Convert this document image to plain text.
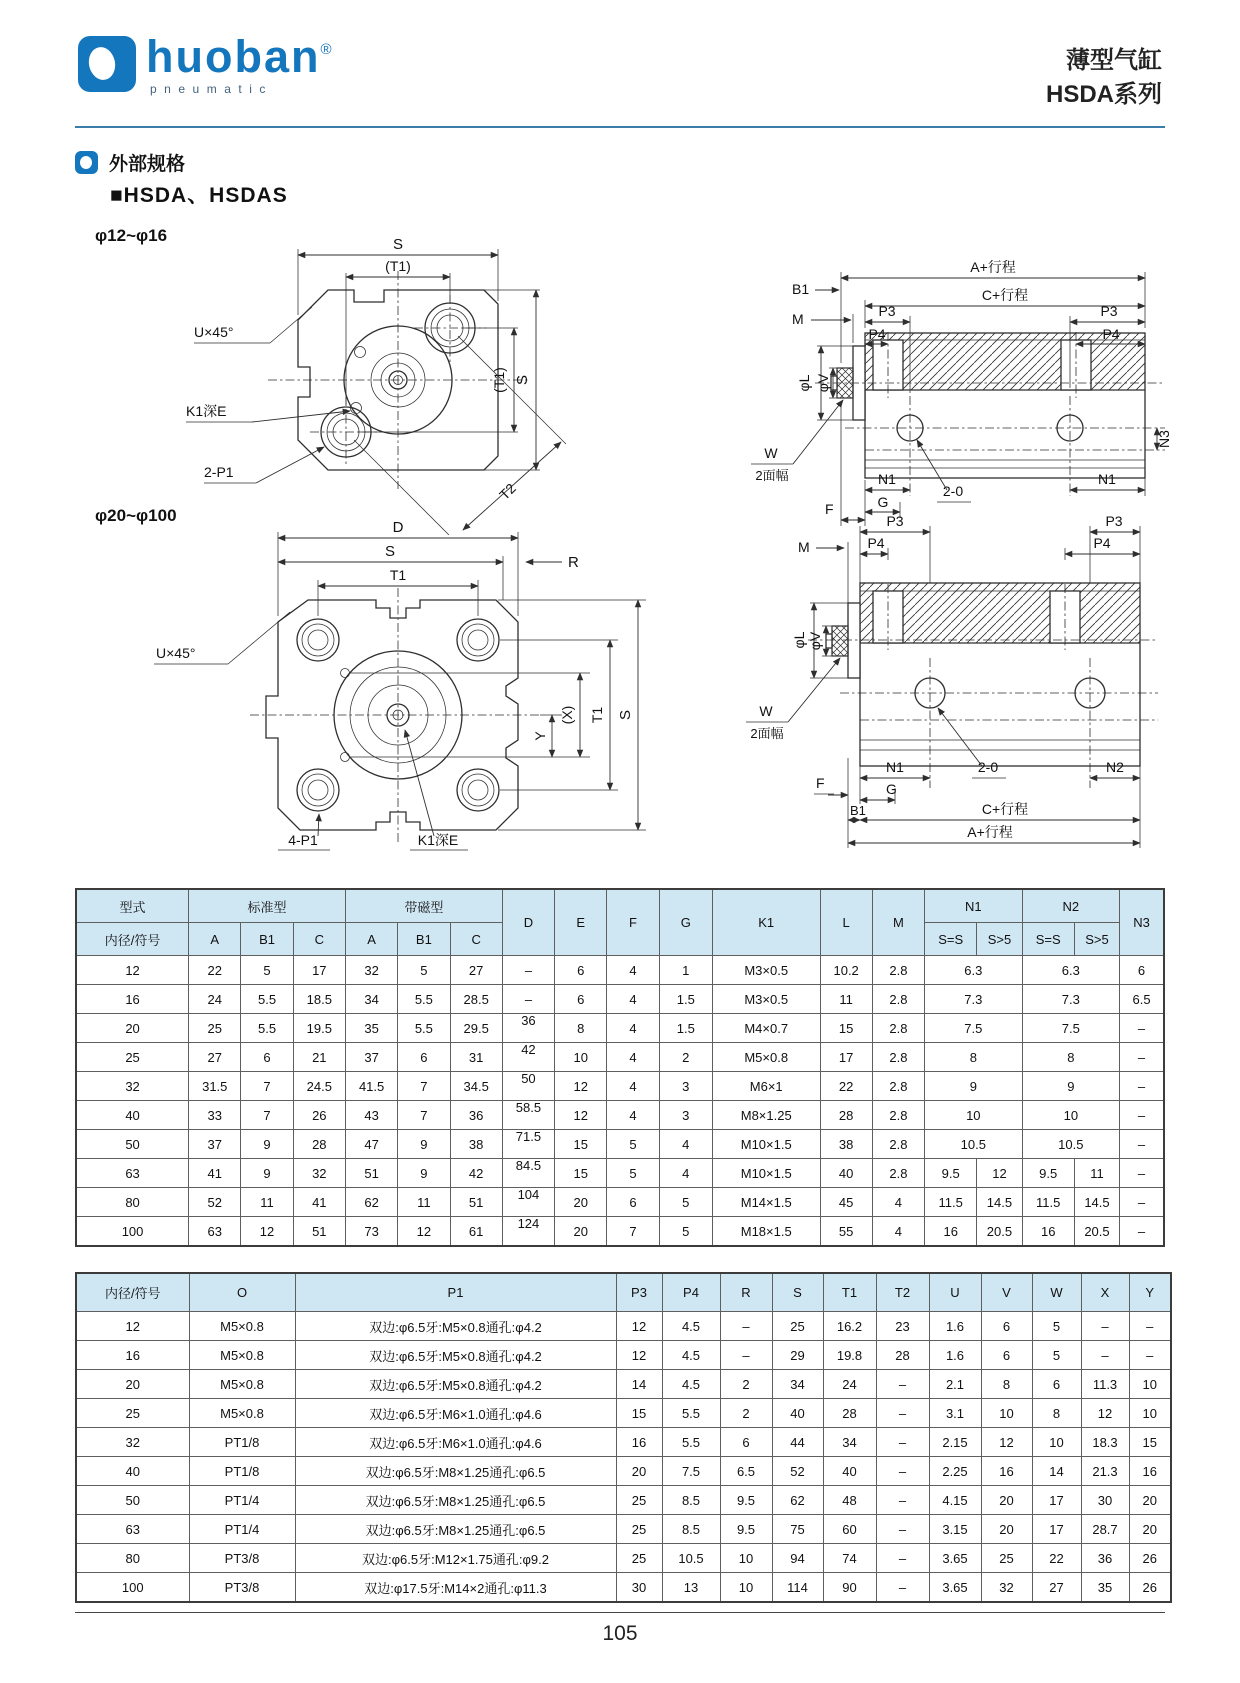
huoban®
pneumatic
薄型气缸
HSDA系列
外部规格
■HSDA、HSDAS
φ12~φ16
φ20~φ100
S
(T1)
(T1) S
T2
U×45°
K1深E
2-P1
A+行程
C+行程
B1
M	P3	P3
P4	P4
φL φV
N3
N1	N1
2-0
G
F
W
2面幅
D
S
R
T1
Y
(X) T1 S
U×45°
4-P1	K1深E
M
P3	P3
P4	P4
φL φV
W
2面幅
N1	N2
2-0
F	G
B1	C+行程
A+行程
型式	标准型			带磁型			D	E	F	G	K1	L	M	N1		N2		N3
内径/符号	A	B1	C	A	B1	C								S=S	S>5	S=S	S>5	
12	22	5	17	32	5	27	–	6	4	1	M3×0.5	10.2	2.8	6.3		6.3		6
16	24	5.5	18.5	34	5.5	28.5	–	6	4	1.5	M3×0.5	11	2.8	7.3		7.3		6.5
20	25	5.5	19.5	35	5.5	29.5	36	8	4	1.5	M4×0.7	15	2.8	7.5		7.5		–
25	27	6	21	37	6	31	42	10	4	2	M5×0.8	17	2.8	8		8		–
32	31.5	7	24.5	41.5	7	34.5	50	12	4	3	M6×1	22	2.8	9		9		–
40	33	7	26	43	7	36	58.5	12	4	3	M8×1.25	28	2.8	10		10		–
50	37	9	28	47	9	38	71.5	15	5	4	M10×1.5	38	2.8	10.5		10.5		–
63	41	9	32	51	9	42	84.5	15	5	4	M10×1.5	40	2.8	9.5	12	9.5	11	–
80	52	11	41	62	11	51	104	20	6	5	M14×1.5	45	4	11.5	14.5	11.5	14.5	–
100	63	12	51	73	12	61	124	20	7	5	M18×1.5	55	4	16	20.5	16	20.5	–
内径/符号	O	P1	P3	P4	R	S	T1	T2	U	V	W	X	Y
12	M5×0.8	双边:φ6.5牙:M5×0.8通孔:φ4.2	12	4.5	–	25	16.2	23	1.6	6	5	–	–
16	M5×0.8	双边:φ6.5牙:M5×0.8通孔:φ4.2	12	4.5	–	29	19.8	28	1.6	6	5	–	–
20	M5×0.8	双边:φ6.5牙:M5×0.8通孔:φ4.2	14	4.5	2	34	24	–	2.1	8	6	11.3	10
25	M5×0.8	双边:φ6.5牙:M6×1.0通孔:φ4.6	15	5.5	2	40	28	–	3.1	10	8	12	10
32	PT1/8	双边:φ6.5牙:M6×1.0通孔:φ4.6	16	5.5	6	44	34	–	2.15	12	10	18.3	15
40	PT1/8	双边:φ6.5牙:M8×1.25通孔:φ6.5	20	7.5	6.5	52	40	–	2.25	16	14	21.3	16
50	PT1/4	双边:φ6.5牙:M8×1.25通孔:φ6.5	25	8.5	9.5	62	48	–	4.15	20	17	30	20
63	PT1/4	双边:φ6.5牙:M8×1.25通孔:φ6.5	25	8.5	9.5	75	60	–	3.15	20	17	28.7	20
80	PT3/8	双边:φ6.5牙:M12×1.75通孔:φ9.2	25	10.5	10	94	74	–	3.65	25	22	36	26
100	PT3/8	双边:φ17.5牙:M14×2通孔:φ11.3	30	13	10	114	90	–	3.65	32	27	35	26
105
